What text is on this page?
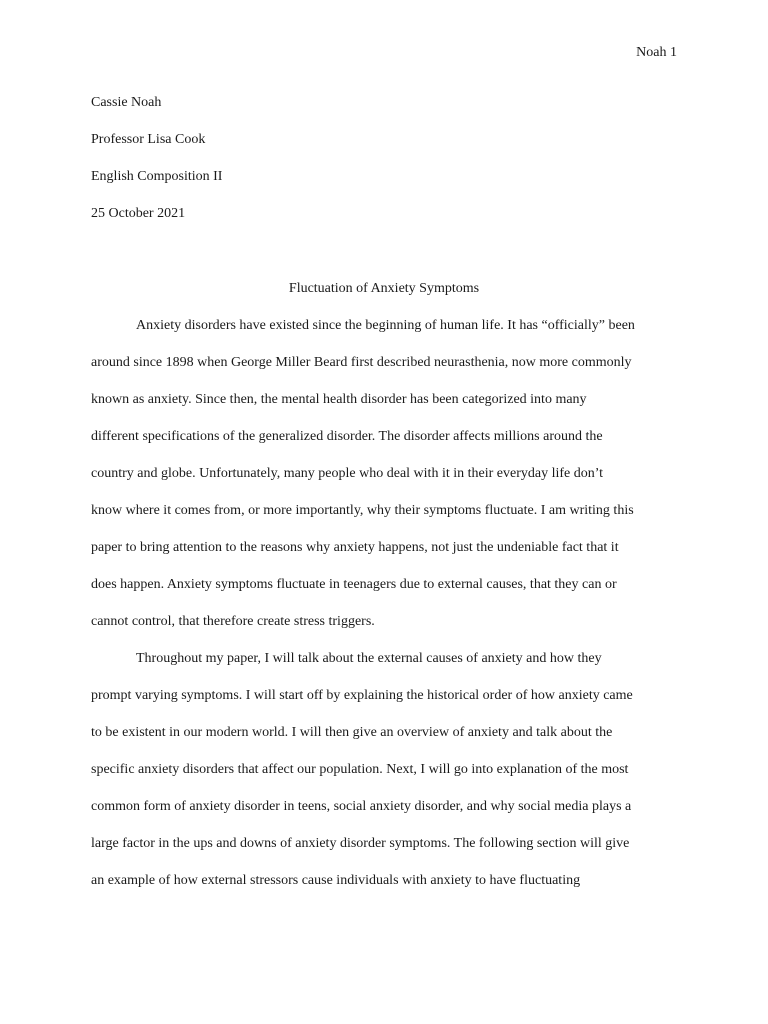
Noah 1
Cassie Noah
Professor Lisa Cook
English Composition II
25 October 2021
Fluctuation of Anxiety Symptoms
Anxiety disorders have existed since the beginning of human life. It has “officially” been
around since 1898 when George Miller Beard first described neurasthenia, now more commonly
known as anxiety. Since then, the mental health disorder has been categorized into many
different specifications of the generalized disorder. The disorder affects millions around the
country and globe. Unfortunately, many people who deal with it in their everyday life don’t
know where it comes from, or more importantly, why their symptoms fluctuate. I am writing this
paper to bring attention to the reasons why anxiety happens, not just the undeniable fact that it
does happen. Anxiety symptoms fluctuate in teenagers due to external causes, that they can or
cannot control, that therefore create stress triggers.
Throughout my paper, I will talk about the external causes of anxiety and how they
prompt varying symptoms. I will start off by explaining the historical order of how anxiety came
to be existent in our modern world. I will then give an overview of anxiety and talk about the
specific anxiety disorders that affect our population. Next, I will go into explanation of the most
common form of anxiety disorder in teens, social anxiety disorder, and why social media plays a
large factor in the ups and downs of anxiety disorder symptoms. The following section will give
an example of how external stressors cause individuals with anxiety to have fluctuating
